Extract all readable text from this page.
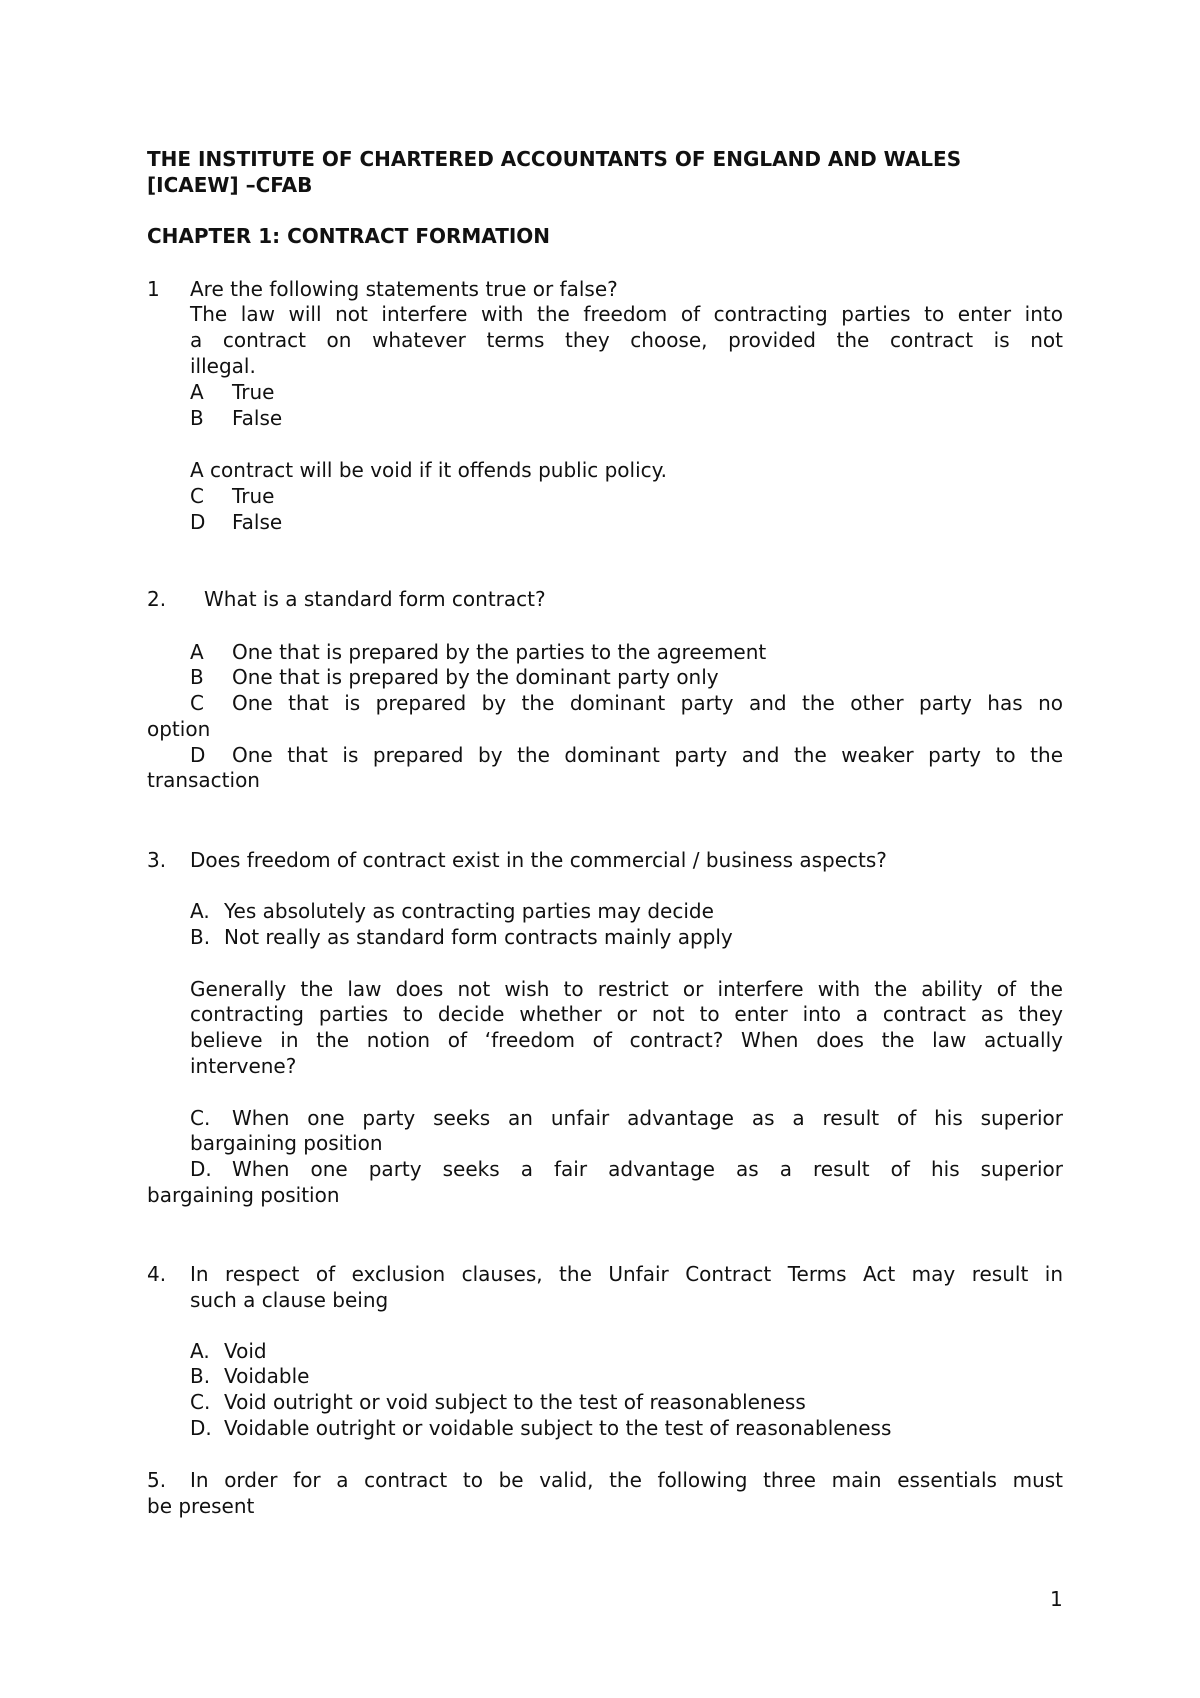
THE INSTITUTE OF CHARTERED ACCOUNTANTS OF ENGLAND AND WALES

[ICAEW] –CFAB

CHAPTER 1: CONTRACT FORMATION

1 Are the following statements true or false?

The law will not interfere with the freedom of contracting parties to enter into

a contract on whatever terms they choose, provided the contract is not

illegal.

A True

B False

A contract will be void if it offends public policy.

C True

D False

2. What is a standard form contract?

A One that is prepared by the parties to the agreement

B One that is prepared by the dominant party only

C One that is prepared by the dominant party and the other party has no

option

D One that is prepared by the dominant party and the weaker party to the

transaction

3. Does freedom of contract exist in the commercial / business aspects?

A. Yes absolutely as contracting parties may decide

B. Not really as standard form contracts mainly apply

Generally the law does not wish to restrict or interfere with the ability of the

contracting parties to decide whether or not to enter into a contract as they

believe in the notion of ‘freedom of contract? When does the law actually

intervene?

C. When one party seeks an unfair advantage as a result of his superior

bargaining position

D. When one party seeks a fair advantage as a result of his superior

bargaining position

4. In respect of exclusion clauses, the Unfair Contract Terms Act may result in

such a clause being

A. Void

B. Voidable

C. Void outright or void subject to the test of reasonableness

D. Voidable outright or voidable subject to the test of reasonableness

5. In order for a contract to be valid, the following three main essentials must

be present

1
